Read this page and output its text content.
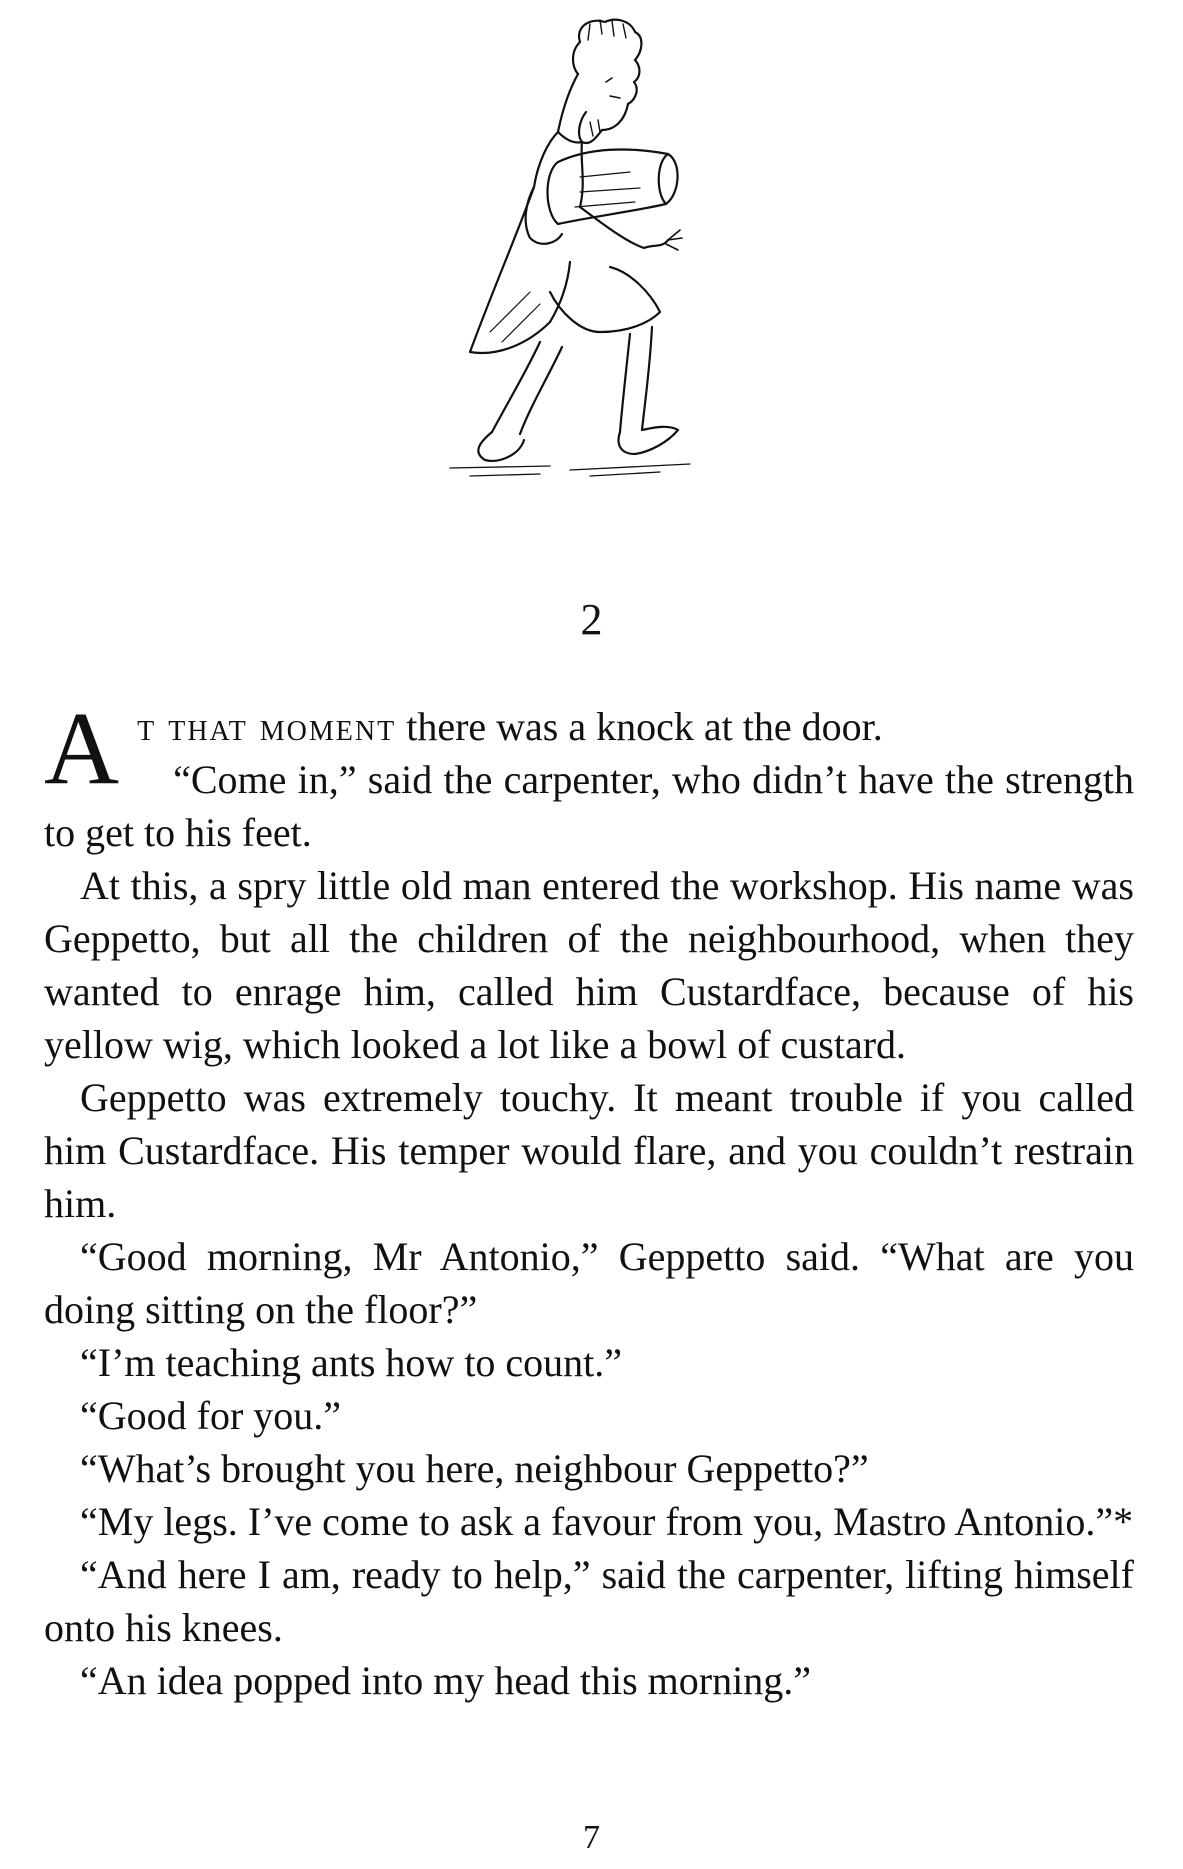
2

A t that moment there was a knock at the door.

“Come in,” said the carpenter, who didn’t have the strength to get to his feet.

At this, a spry little old man entered the workshop. His name was Geppetto, but all the children of the neighbourhood, when they wanted to enrage him, called him Custardface, because of his yellow wig, which looked a lot like a bowl of custard.

Geppetto was extremely touchy. It meant trouble if you called him Custardface. His temper would flare, and you couldn’t restrain him.

“Good morning, Mr Antonio,” Geppetto said. “What are you doing sitting on the floor?”

“I’m teaching ants how to count.”

“Good for you.”

“What’s brought you here, neighbour Geppetto?”

“My legs. I’ve come to ask a favour from you, Mastro Antonio.”*

“And here I am, ready to help,” said the carpenter, lifting himself onto his knees.

“An idea popped into my head this morning.”

7
